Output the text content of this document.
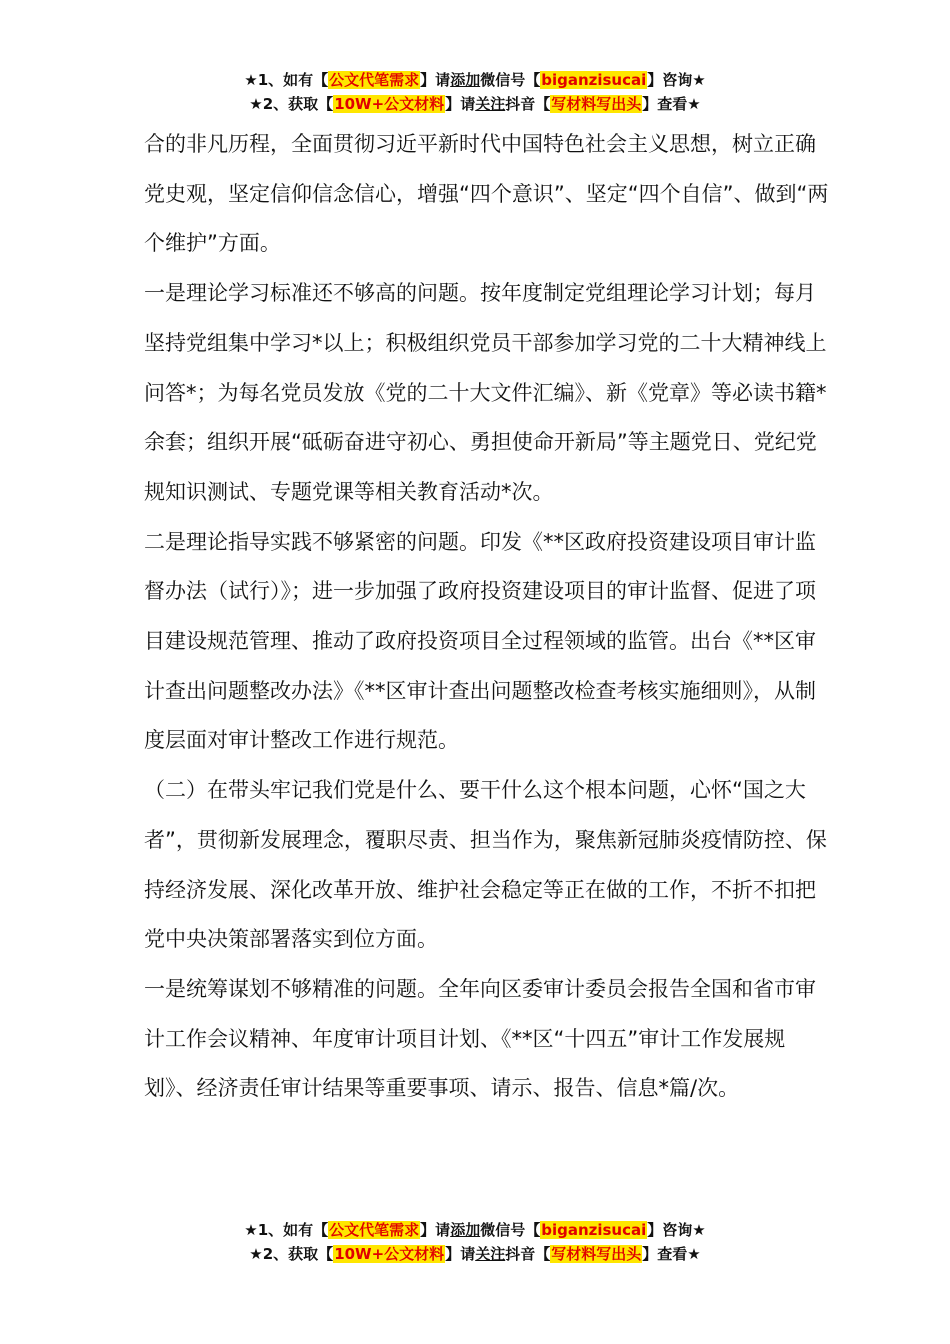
★1、如有【公文代笔需求】请添加微信号【biganzisucai】咨询★
★2、获取【10W+公文材料】请关注抖音【写材料写出头】查看★

合的非凡历程，全面贯彻习近平新时代中国特色社会主义思想，树立正确党史观，坚定信仰信念信心，增强“四个意识”、坚定“四个自信”、做到“两个维护”方面。

一是理论学习标准还不够高的问题。按年度制定党组理论学习计划；每月坚持党组集中学习*以上；积极组织党员干部参加学习党的二十大精神线上问答*；为每名党员发放《党的二十大文件汇编》、新《党章》等必读书籍*余套；组织开展“砥砺奋进守初心、勇担使命开新局”等主题党日、党纪党规知识测试、专题党课等相关教育活动*次。

二是理论指导实践不够紧密的问题。印发《**区政府投资建设项目审计监督办法（试行）》；进一步加强了政府投资建设项目的审计监督、促进了项目建设规范管理、推动了政府投资项目全过程领域的监管。出台《**区审计查出问题整改办法》《**区审计查出问题整改检查考核实施细则》，从制度层面对审计整改工作进行规范。

（二）在带头牢记我们党是什么、要干什么这个根本问题，心怀“国之大者”，贯彻新发展理念，覆职尽责、担当作为，聚焦新冠肺炎疫情防控、保持经济发展、深化改革开放、维护社会稳定等正在做的工作，不折不扣把党中央决策部署落实到位方面。

一是统筹谋划不够精准的问题。全年向区委审计委员会报告全国和省市审计工作会议精神、年度审计项目计划、《**区“十四五”审计工作发展规划》、经济责任审计结果等重要事项、请示、报告、信息*篇/次。

★1、如有【公文代笔需求】请添加微信号【biganzisucai】咨询★
★2、获取【10W+公文材料】请关注抖音【写材料写出头】查看★
